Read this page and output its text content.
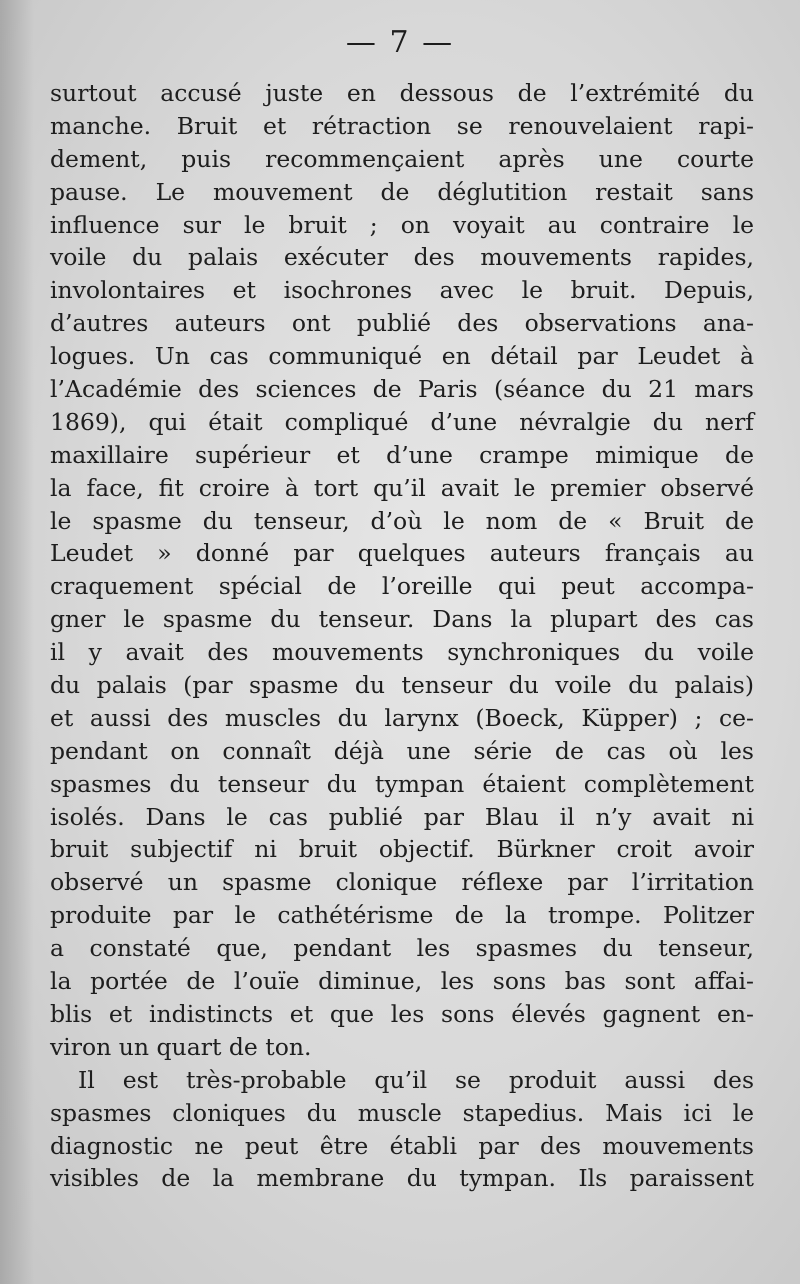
— 7 —
surtout accusé juste en dessous de l’extrémité du
manche. Bruit et rétraction se renouvelaient rapi-
dement, puis recommençaient après une courte
pause. Le mouvement de déglutition restait sans
influence sur le bruit ; on voyait au contraire le
voile du palais exécuter des mouvements rapides,
involontaires et isochrones avec le bruit. Depuis,
d’autres auteurs ont publié des observations ana-
logues. Un cas communiqué en détail par Leudet à
l’Académie des sciences de Paris (séance du 21 mars
1869), qui était compliqué d’une névralgie du nerf
maxillaire supérieur et d’une crampe mimique de
la face, fit croire à tort qu’il avait le premier observé
le spasme du tenseur, d’où le nom de « Bruit de
Leudet » donné par quelques auteurs français au
craquement spécial de l’oreille qui peut accompa-
gner le spasme du tenseur. Dans la plupart des cas
il y avait des mouvements synchroniques du voile
du palais (par spasme du tenseur du voile du palais)
et aussi des muscles du larynx (Boeck, Küpper) ; ce-
pendant on connaît déjà une série de cas où les
spasmes du tenseur du tympan étaient complètement
isolés. Dans le cas publié par Blau il n’y avait ni
bruit subjectif ni bruit objectif. Bürkner croit avoir
observé un spasme clonique réflexe par l’irritation
produite par le cathétérisme de la trompe. Politzer
a constaté que, pendant les spasmes du tenseur,
la portée de l’ouïe diminue, les sons bas sont affai-
blis et indistincts et que les sons élevés gagnent en-
viron un quart de ton.
Il est très-probable qu’il se produit aussi des
spasmes cloniques du muscle stapedius. Mais ici le
diagnostic ne peut être établi par des mouvements
visibles de la membrane du tympan. Ils paraissent
